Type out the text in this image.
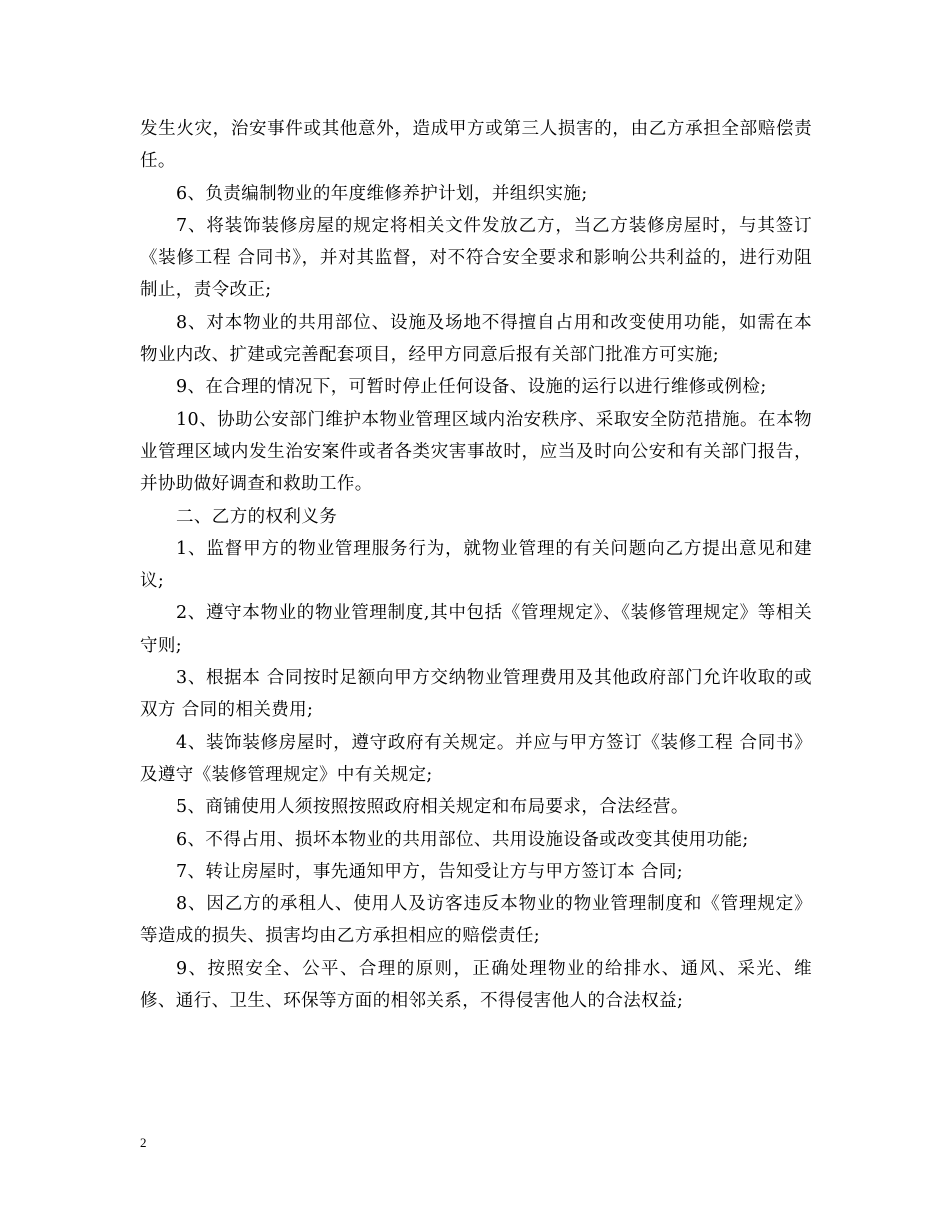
发生火灾，治安事件或其他意外，造成甲方或第三人损害的，由乙方承担全部赔偿责任。

6、负责编制物业的年度维修养护计划，并组织实施;

7、将装饰装修房屋的规定将相关文件发放乙方，当乙方装修房屋时，与其签订《装修工程 合同书》，并对其监督，对不符合安全要求和影响公共利益的，进行劝阻制止，责令改正;

8、对本物业的共用部位、设施及场地不得擅自占用和改变使用功能，如需在本物业内改、扩建或完善配套项目，经甲方同意后报有关部门批准方可实施;

9、在合理的情况下，可暂时停止任何设备、设施的运行以进行维修或例检;

10、协助公安部门维护本物业管理区域内治安秩序、采取安全防范措施。在本物业管理区域内发生治安案件或者各类灾害事故时，应当及时向公安和有关部门报告，并协助做好调查和救助工作。

二、乙方的权利义务

1、监督甲方的物业管理服务行为，就物业管理的有关问题向乙方提出意见和建议;

2、遵守本物业的物业管理制度,其中包括《管理规定》、《装修管理规定》等相关守则;

3、根据本 合同按时足额向甲方交纳物业管理费用及其他政府部门允许收取的或双方 合同的相关费用;

4、装饰装修房屋时，遵守政府有关规定。并应与甲方签订《装修工程 合同书》及遵守《装修管理规定》中有关规定;

5、商铺使用人须按照按照政府相关规定和布局要求，合法经营。

6、不得占用、损坏本物业的共用部位、共用设施设备或改变其使用功能;

7、转让房屋时，事先通知甲方，告知受让方与甲方签订本 合同;

8、因乙方的承租人、使用人及访客违反本物业的物业管理制度和《管理规定》等造成的损失、损害均由乙方承担相应的赔偿责任;

9、按照安全、公平、合理的原则，正确处理物业的给排水、通风、采光、维修、通行、卫生、环保等方面的相邻关系，不得侵害他人的合法权益;

2
